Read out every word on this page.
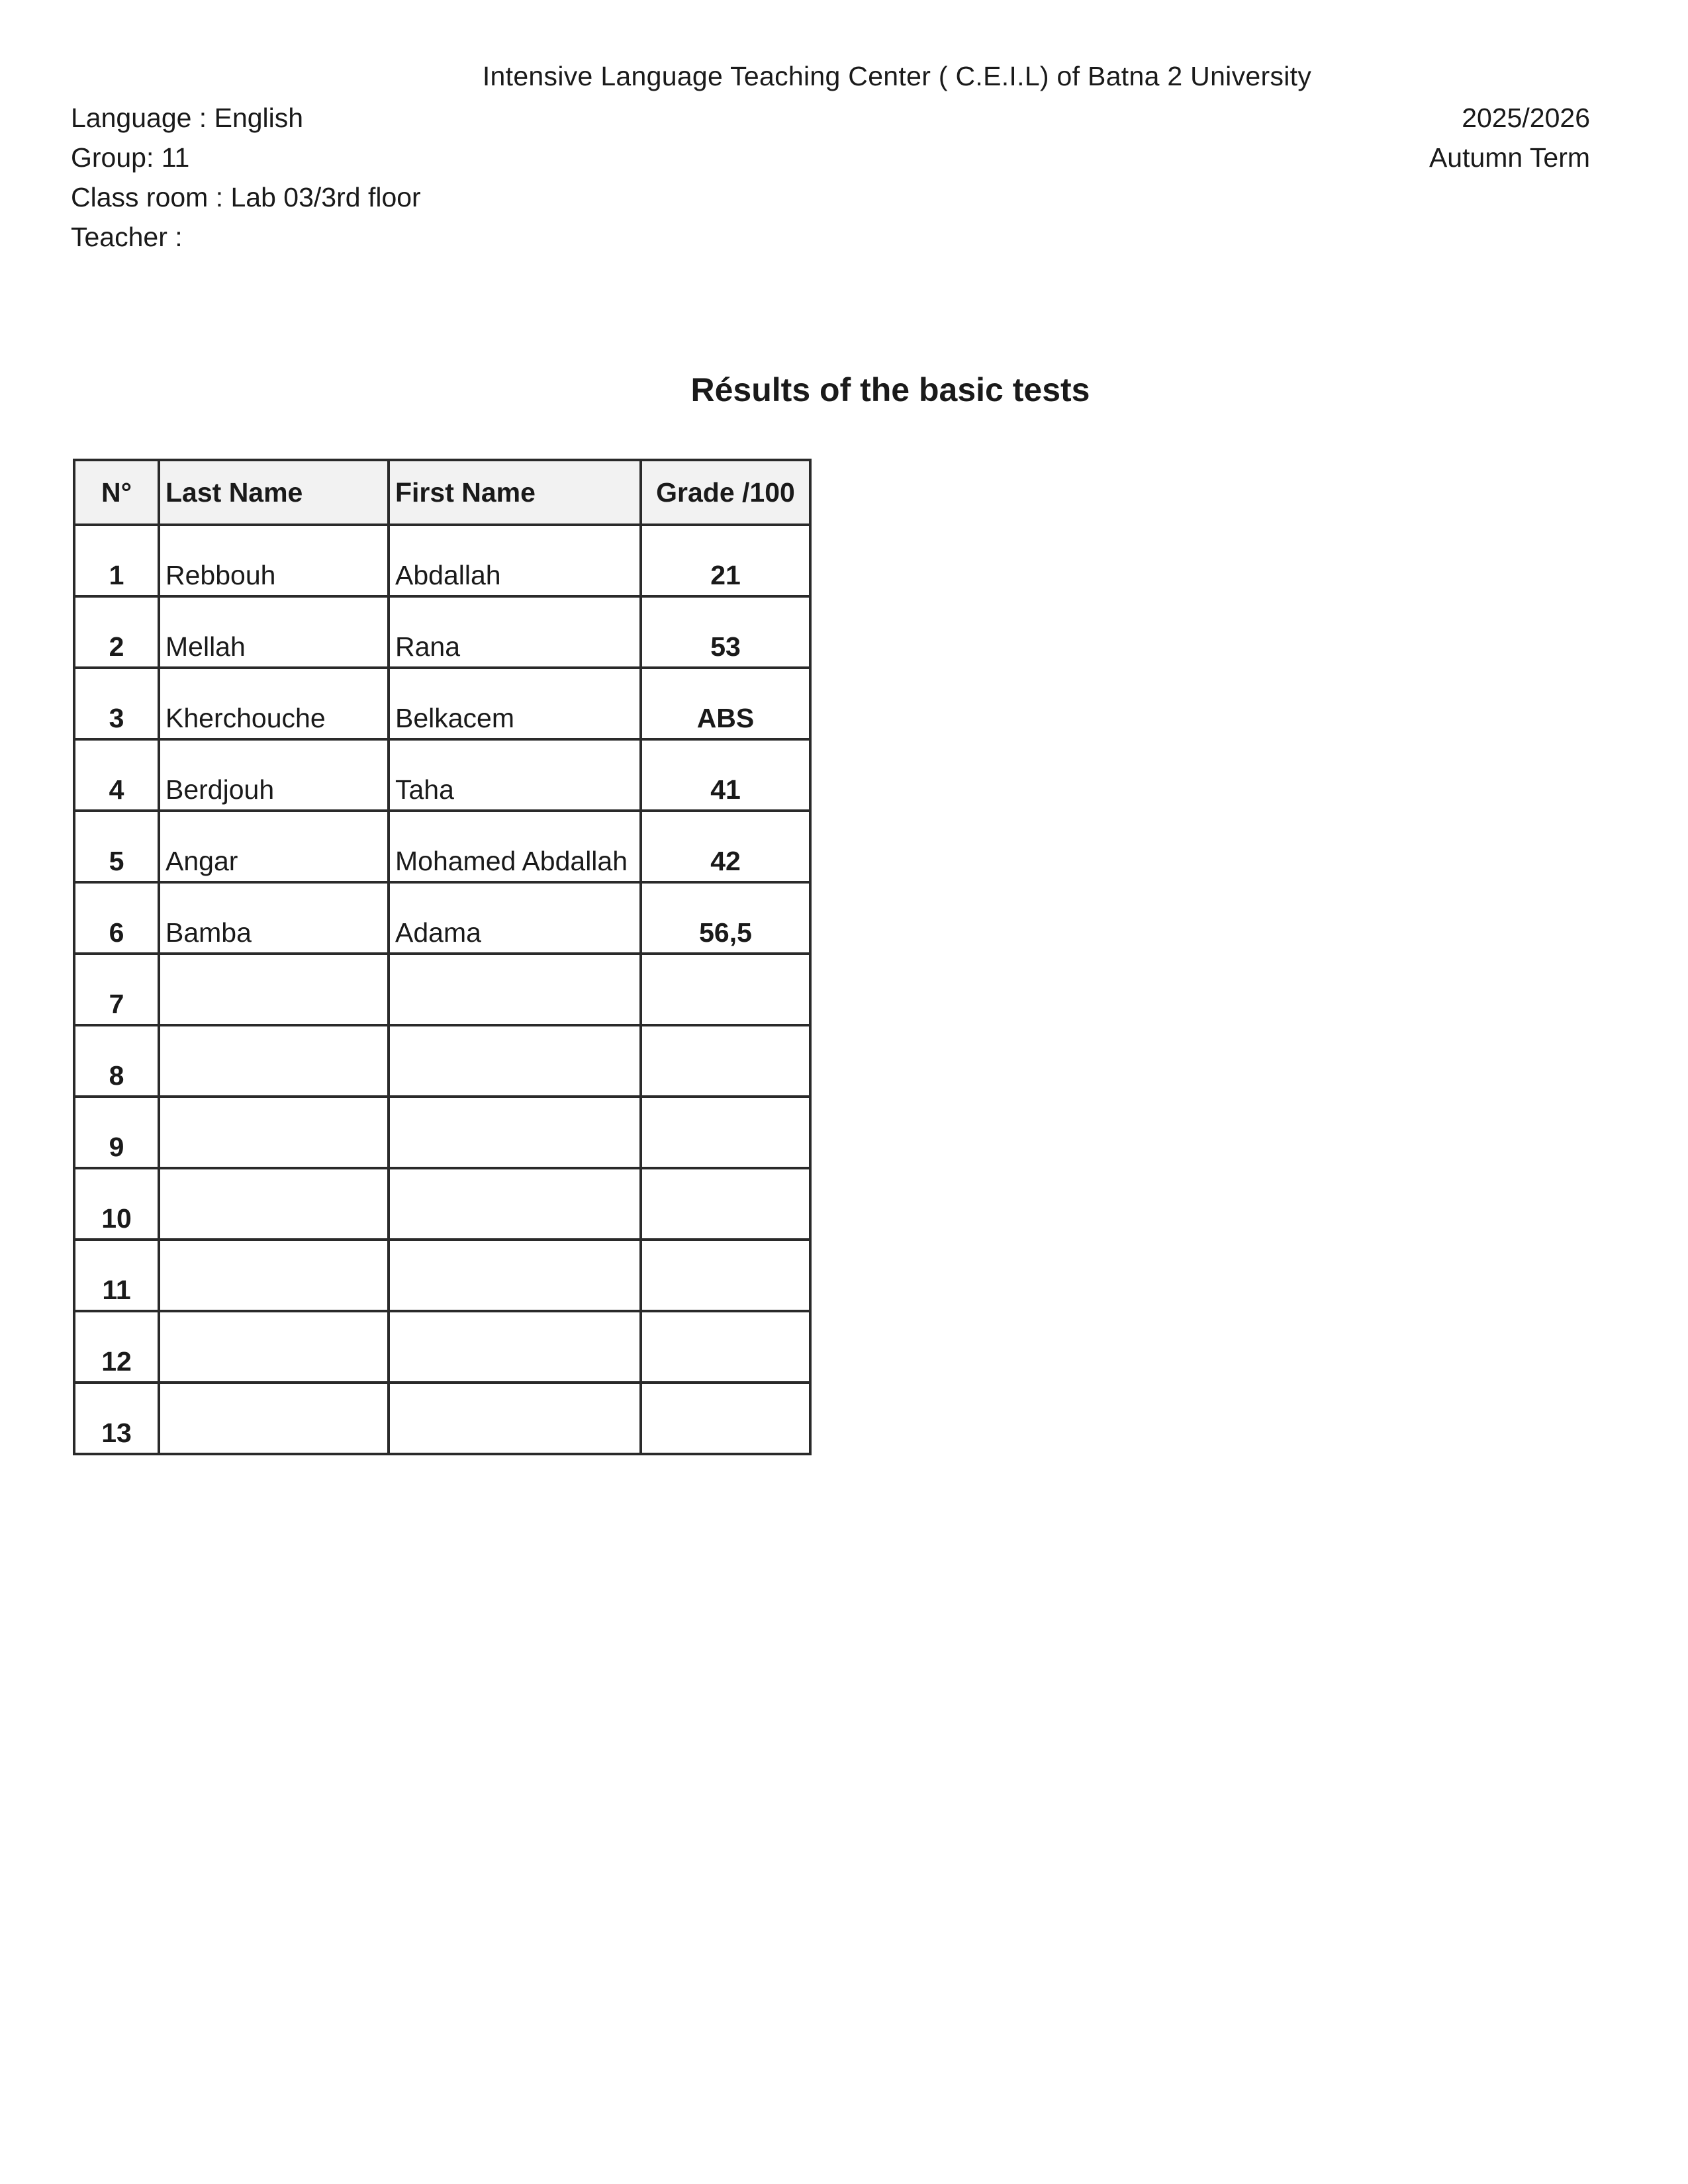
Intensive Language Teaching Center ( C.E.I.L) of Batna 2 University
Language : English
Group: 11
Class room : Lab 03/3rd floor
Teacher :
2025/2026
Autumn Term
Résults of the basic tests
N°	Last Name	First Name	Grade /100
1	Rebbouh	Abdallah	21
2	Mellah	Rana	53
3	Kherchouche	Belkacem	ABS
4	Berdjouh	Taha	41
5	Angar	Mohamed Abdallah	42
6	Bamba	Adama	56,5
7			
8			
9			
10			
11			
12			
13			
